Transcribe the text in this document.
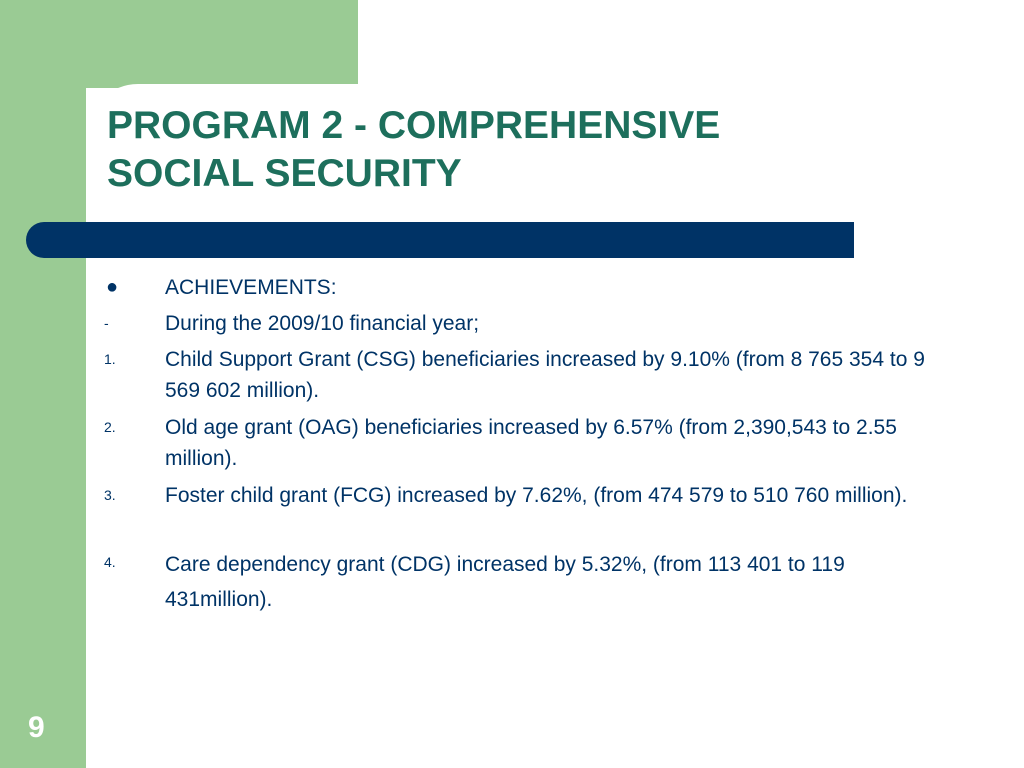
PROGRAM 2 - COMPREHENSIVE
SOCIAL SECURITY
●	ACHIEVEMENTS:
-	During the 2009/10 financial year;
1.	Child Support Grant (CSG) beneficiaries increased by 9.10% (from 8 765 354 to 9 569 602 million).
2.	Old age grant (OAG) beneficiaries increased by 6.57% (from 2,390,543 to 2.55 million).
3.	Foster child grant (FCG) increased by 7.62%, (from 474 579 to 510 760 million).
4.	Care dependency grant (CDG) increased by 5.32%, (from 113 401 to 119 431million).
9
